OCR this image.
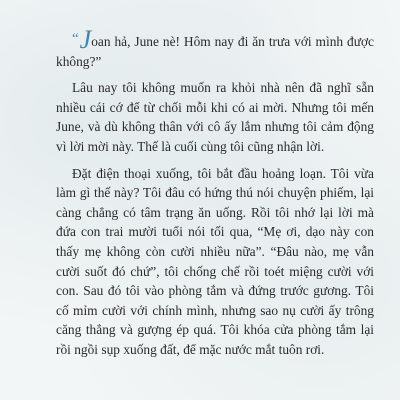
“Joan hả, June nè! Hôm nay đi ăn trưa với mình được không?”

Lâu nay tôi không muốn ra khỏi nhà nên đã nghĩ sẵn nhiều cái cớ để từ chối mỗi khi có ai mời. Nhưng tôi mến June, và dù không thân với cô ấy lắm nhưng tôi cảm động vì lời mời này. Thế là cuối cùng tôi cũng nhận lời.

Đặt điện thoại xuống, tôi bắt đầu hoảng loạn. Tôi vừa làm gì thế này? Tôi đâu có hứng thú nói chuyện phiếm, lại càng chẳng có tâm trạng ăn uống. Rồi tôi nhớ lại lời mà đứa con trai mười tuổi nói tối qua, “Mẹ ơi, dạo này con thấy mẹ không còn cười nhiều nữa”. “Đâu nào, mẹ vẫn cười suốt đó chứ”, tôi chống chế rồi toét miệng cười với con. Sau đó tôi vào phòng tắm và đứng trước gương. Tôi cố mỉm cười với chính mình, nhưng sao nụ cười ấy trông căng thẳng và gượng ép quá. Tôi khóa cửa phòng tắm lại rồi ngồi sụp xuống đất, để mặc nước mắt tuôn rơi.
